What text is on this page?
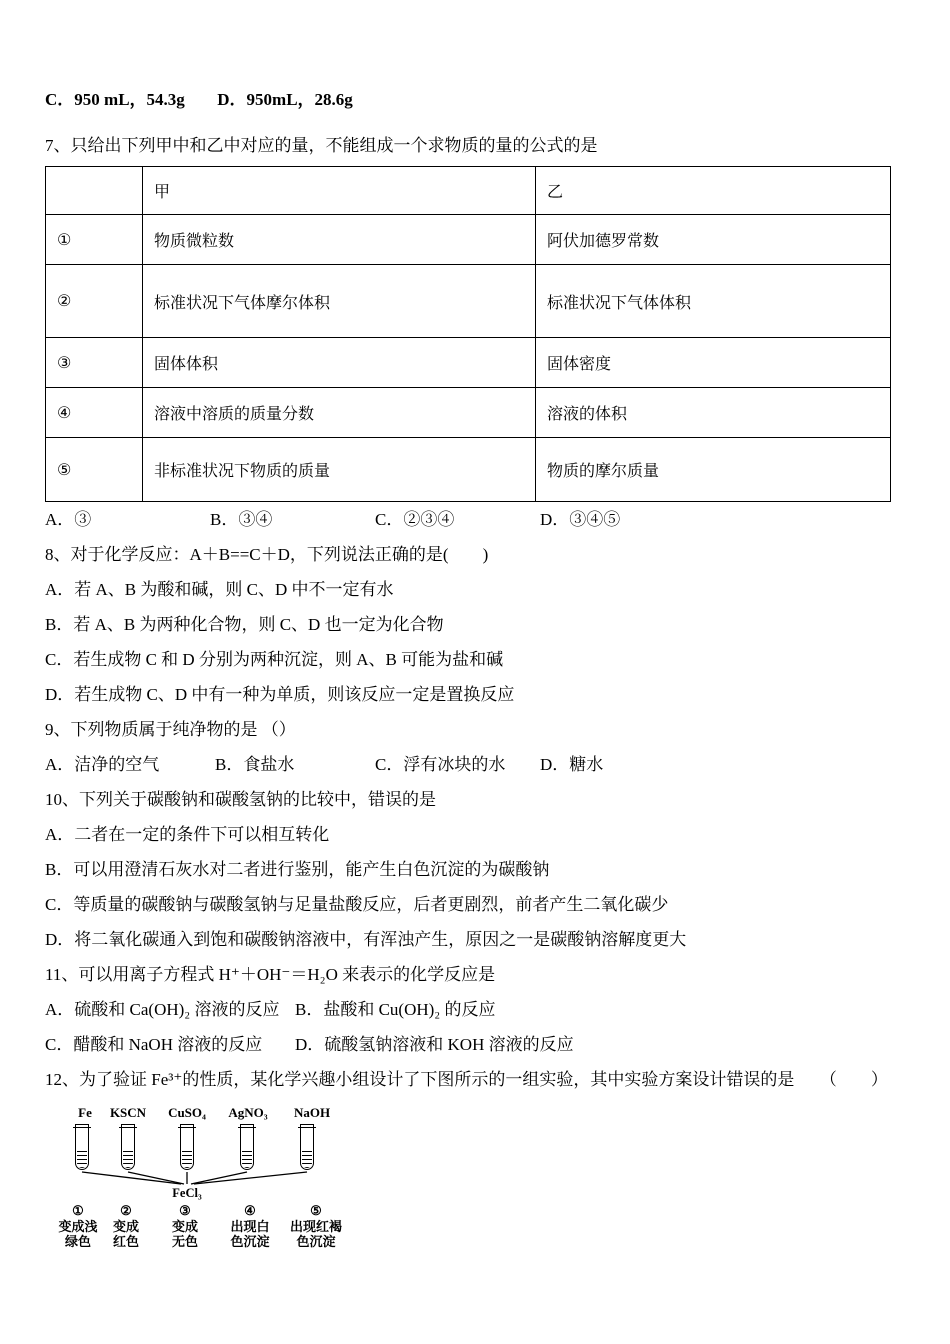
C．950 mL，54.3g D．950mL，28.6g
7、只给出下列甲中和乙中对应的量，不能组成一个求物质的量的公式的是
	甲	乙
①	物质微粒数	阿伏加德罗常数
②	标准状况下气体摩尔体积	标准状况下气体体积
③	固体体积	固体密度
④	溶液中溶质的质量分数	溶液的体积
⑤	非标准状况下物质的质量	物质的摩尔质量
A．③	B．③④	C．②③④	D．③④⑤
8、对于化学反应：A＋B==C＋D，下列说法正确的是(　　)
A．若 A、B 为酸和碱，则 C、D 中不一定有水
B．若 A、B 为两种化合物，则 C、D 也一定为化合物
C．若生成物 C 和 D 分别为两种沉淀，则 A、B 可能为盐和碱
D．若生成物 C、D 中有一种为单质，则该反应一定是置换反应
9、下列物质属于纯净物的是 （）
A．洁净的空气	B．食盐水	C．浮有冰块的水	D．糖水
10、下列关于碳酸钠和碳酸氢钠的比较中，错误的是
A．二者在一定的条件下可以相互转化
B．可以用澄清石灰水对二者进行鉴别，能产生白色沉淀的为碳酸钠
C．等质量的碳酸钠与碳酸氢钠与足量盐酸反应，后者更剧烈，前者产生二氧化碳少
D．将二氧化碳通入到饱和碳酸钠溶液中，有浑浊产生，原因之一是碳酸钠溶解度更大
11、可以用离子方程式 H⁺＋OH⁻＝H₂O 来表示的化学反应是
A．硫酸和 Ca(OH)₂ 溶液的反应 B．盐酸和 Cu(OH)₂ 的反应
C．醋酸和 NaOH 溶液的反应	D．硫酸氢钠溶液和 KOH 溶液的反应
12、为了验证 Fe³⁺的性质，某化学兴趣小组设计了下图所示的一组实验，其中实验方案设计错误的是　　（　　）
Fe	KSCN	CuSO₄	AgNO₃	NaOH
FeCl₃
①
变成浅
绿色
②
变成
红色
③
变成
无色
④
出现白
色沉淀
⑤
出现红褐
色沉淀
